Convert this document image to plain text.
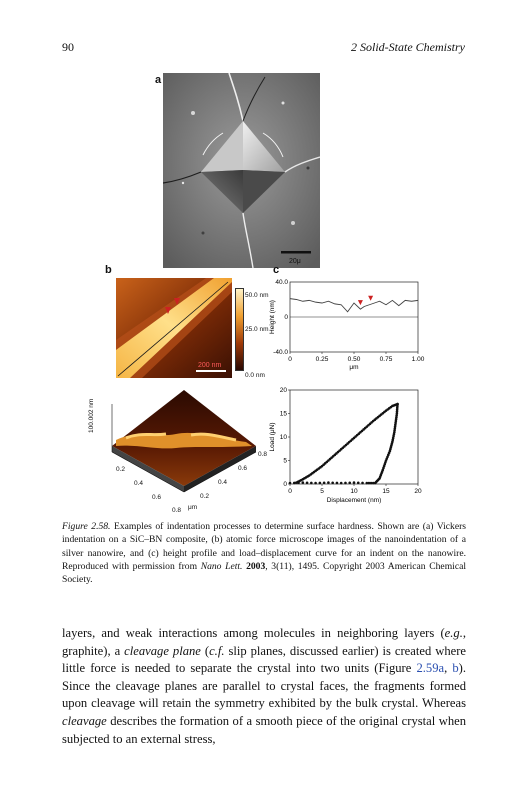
90	2 Solid-State Chemistry
a
20μ
b
200 nm
50.0 nm
25.0 nm
0.0 nm
100.002 nm
0.2
0.4
0.6
0.8
0.8
0.6
0.4
0.2
μm
c
0	0.25	0.50	0.75	1.00
40.0
0
-40.0
μm
Height (nm)
0	5	10	15	20
20
15
10
5
0
Displacement (nm)
Load (μN)
Figure 2.58. Examples of indentation processes to determine surface hardness. Shown are (a) Vickers indentation on a SiC–BN composite, (b) atomic force microscope images of the nanoindentation of a silver nanowire, and (c) height profile and load–displacement curve for an indent on the nanowire. Reproduced with permission from Nano Lett. 2003, 3(11), 1495. Copyright 2003 American Chemical Society.
layers, and weak interactions among molecules in neighboring layers (e.g., graphite), a cleavage plane (c.f. slip planes, discussed earlier) is created where little force is needed to separate the crystal into two units (Figure 2.59a, b). Since the cleavage planes are parallel to crystal faces, the fragments formed upon cleavage will retain the symmetry exhibited by the bulk crystal. Whereas cleavage describes the formation of a smooth piece of the original crystal when subjected to an external stress,
